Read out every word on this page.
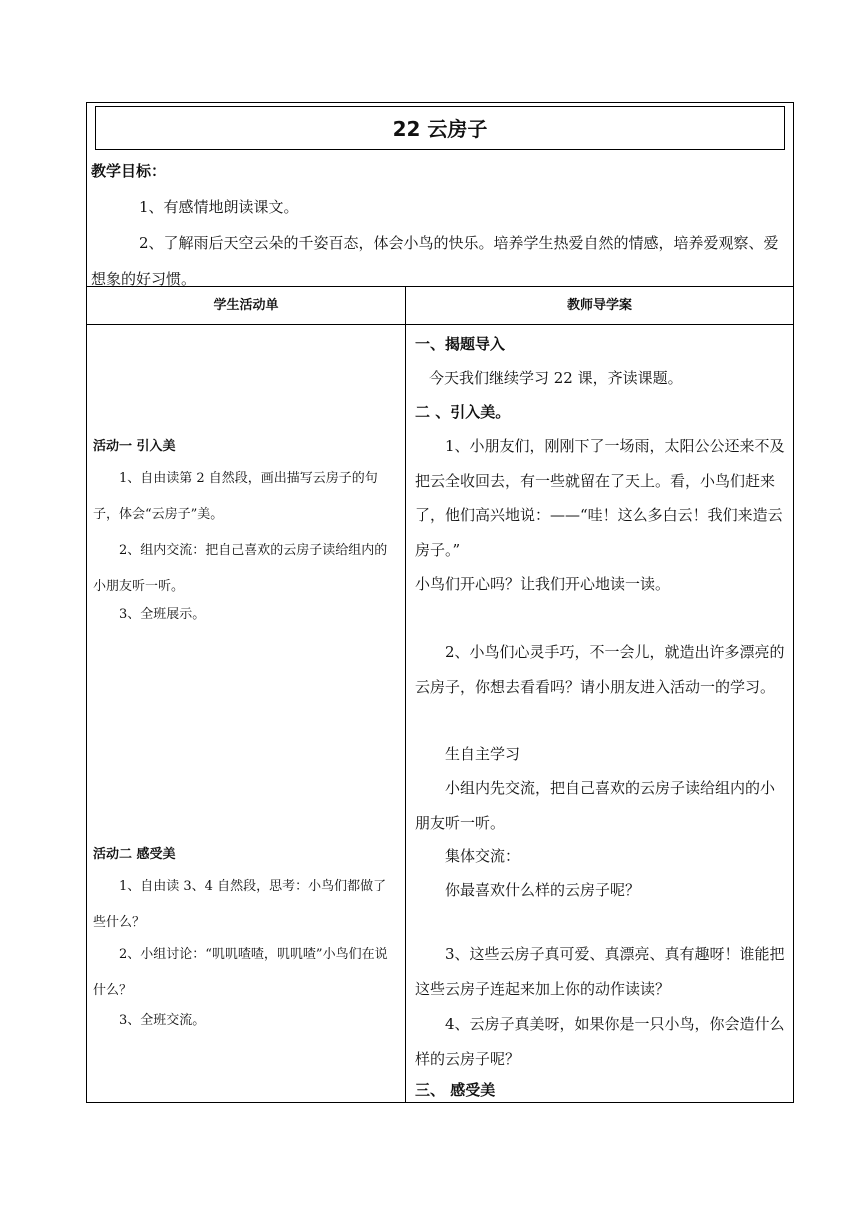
22 云房子
教学目标：
1、有感情地朗读课文。
2、了解雨后天空云朵的千姿百态，体会小鸟的快乐。培养学生热爱自然的情感，培养爱观察、爱想象的好习惯。
学生活动单	教师导学案
活动一 引入美
1、自由读第 2 自然段，画出描写云房子的句子，体会“云房子”美。
2、组内交流：把自己喜欢的云房子读给组内的小朋友听一听。
3、全班展示。
活动二 感受美
1、自由读 3、4 自然段，思考：小鸟们都做了些什么？
2、小组讨论：“叽叽喳喳，叽叽喳”小鸟们在说什么？
3、全班交流。
一、揭题导入
今天我们继续学习 22 课，齐读课题。
二 、引入美。
1、小朋友们，刚刚下了一场雨，太阳公公还来不及把云全收回去，有一些就留在了天上。看，小鸟们赶来了，他们高兴地说：——“哇！这么多白云！我们来造云房子。”
小鸟们开心吗？让我们开心地读一读。
2、小鸟们心灵手巧，不一会儿，就造出许多漂亮的云房子，你想去看看吗？请小朋友进入活动一的学习。
生自主学习
小组内先交流，把自己喜欢的云房子读给组内的小朋友听一听。
集体交流：
你最喜欢什么样的云房子呢？
3、这些云房子真可爱、真漂亮、真有趣呀！谁能把这些云房子连起来加上你的动作读读？
4、云房子真美呀，如果你是一只小鸟，你会造什么样的云房子呢？
三、 感受美
